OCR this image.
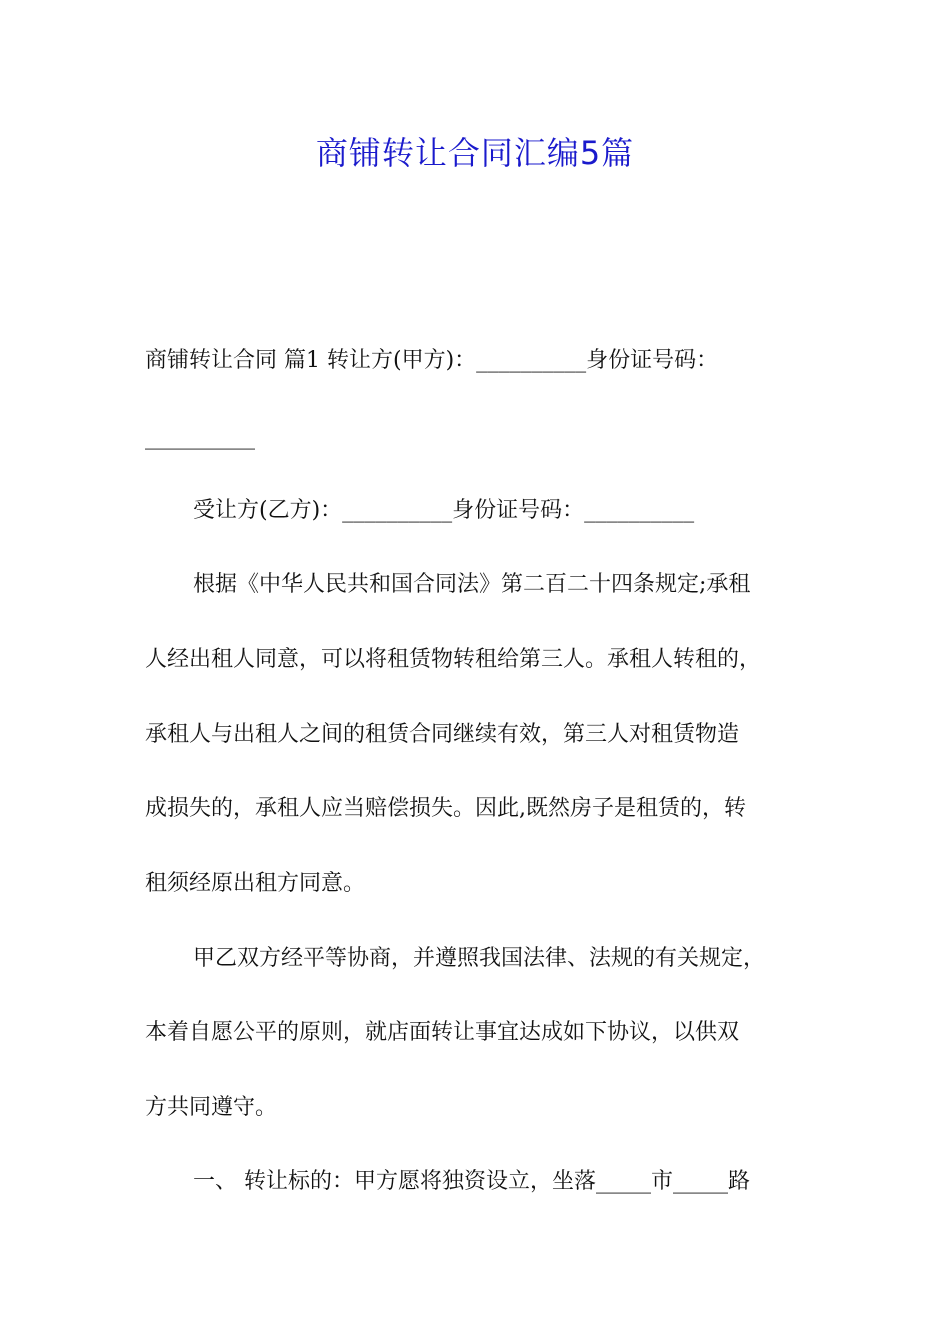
商铺转让合同汇编5篇

商铺转让合同 篇1 转让方(甲方)：__________身份证号码：

__________

受让方(乙方)：__________身份证号码：__________

根据《中华人民共和国合同法》第二百二十四条规定;承租

人经出租人同意，可以将租赁物转租给第三人。承租人转租的，

承租人与出租人之间的租赁合同继续有效，第三人对租赁物造

成损失的，承租人应当赔偿损失。因此,既然房子是租赁的，转

租须经原出租方同意。

甲乙双方经平等协商，并遵照我国法律、法规的有关规定，

本着自愿公平的原则，就店面转让事宜达成如下协议，以供双

方共同遵守。

一、 转让标的：甲方愿将独资设立，坐落_____市_____路
